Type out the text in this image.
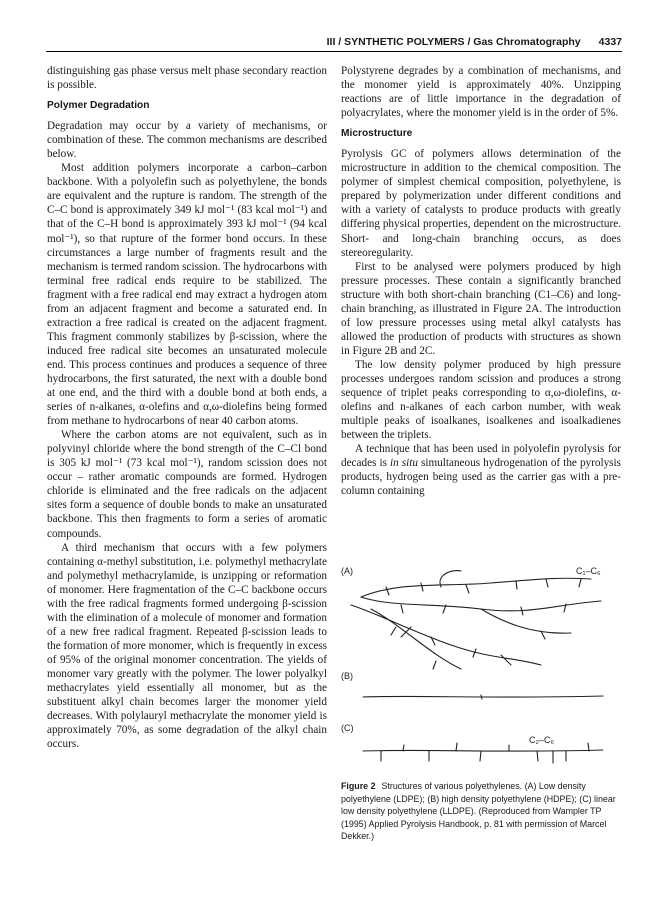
III / SYNTHETIC POLYMERS / Gas Chromatography 4337

distinguishing gas phase versus melt phase secondary reaction is possible.

Polymer Degradation

Degradation may occur by a variety of mechanisms, or combination of these. The common mechanisms are described below.

Most addition polymers incorporate a carbon–carbon backbone. With a polyolefin such as polyethylene, the bonds are equivalent and the rupture is random. The strength of the C–C bond is approximately 349 kJ mol⁻¹ (83 kcal mol⁻¹) and that of the C–H bond is approximately 393 kJ mol⁻¹ (94 kcal mol⁻¹), so that rupture of the former bond occurs. In these circumstances a large number of fragments result and the mechanism is termed random scission. The hydrocarbons with terminal free radical ends require to be stabilized. The fragment with a free radical end may extract a hydrogen atom from an adjacent fragment and become a saturated end. In extraction a free radical is created on the adjacent fragment. This fragment commonly stabilizes by β-scission, where the induced free radical site becomes an unsaturated molecule end. This process continues and produces a sequence of three hydrocarbons, the first saturated, the next with a double bond at one end, and the third with a double bond at both ends, a series of n-alkanes, α-olefins and α,ω-diolefins being formed from methane to hydrocarbons of near 40 carbon atoms.

Where the carbon atoms are not equivalent, such as in polyvinyl chloride where the bond strength of the C–Cl bond is 305 kJ mol⁻¹ (73 kcal mol⁻¹), random scission does not occur – rather aromatic compounds are formed. Hydrogen chloride is eliminated and the free radicals on the adjacent sites form a sequence of double bonds to make an unsaturated backbone. This then fragments to form a series of aromatic compounds.

A third mechanism that occurs with a few polymers containing α-methyl substitution, i.e. polymethyl methacrylate and polymethyl methacrylamide, is unzipping or reformation of monomer. Here fragmentation of the C–C backbone occurs with the free radical fragments formed undergoing β-scission with the elimination of a molecule of monomer and formation of a new free radical fragment. Repeated β-scission leads to the formation of more monomer, which is frequently in excess of 95% of the original monomer concentration. The yields of monomer vary greatly with the polymer. The lower polyalkyl methacrylates yield essentially all monomer, but as the substituent alkyl chain becomes larger the monomer yield decreases. With polylauryl methacrylate the monomer yield is approximately 70%, as some degradation of the alkyl chain occurs.

Polystyrene degrades by a combination of mechanisms, and the monomer yield is approximately 40%. Unzipping reactions are of little importance in the degradation of polyacrylates, where the monomer yield is in the order of 5%.

Microstructure

Pyrolysis GC of polymers allows determination of the microstructure in addition to the chemical composition. The polymer of simplest chemical composition, polyethylene, is prepared by polymerization under different conditions and with a variety of catalysts to produce products with greatly differing physical properties, dependent on the microstructure. Short- and long-chain branching occurs, as does stereoregularity.

First to be analysed were polymers produced by high pressure processes. These contain a significantly branched structure with both short-chain branching (C1–C6) and long-chain branching, as illustrated in Figure 2A. The introduction of low pressure processes using metal alkyl catalysts has allowed the production of products with structures as shown in Figure 2B and 2C.

The low density polymer produced by high pressure processes undergoes random scission and produces a strong sequence of triplet peaks corresponding to α,ω-diolefins, α-olefins and n-alkanes of each carbon number, with weak multiple peaks of isoalkanes, isoalkenes and isoalkadienes between the triplets.

A technique that has been used in polyolefin pyrolysis for decades is in situ simultaneous hydrogenation of the pyrolysis products, hydrogen being used as the carrier gas with a pre-column containing

(A)	C₁–C₆
(B)
(C)
C₂–C₆
Figure 2 Structures of various polyethylenes. (A) Low density polyethylene (LDPE); (B) high density polyethylene (HDPE); (C) linear low density polyethylene (LLDPE). (Reproduced from Wampler TP (1995) Applied Pyrolysis Handbook, p. 81 with permission of Marcel Dekker.)
